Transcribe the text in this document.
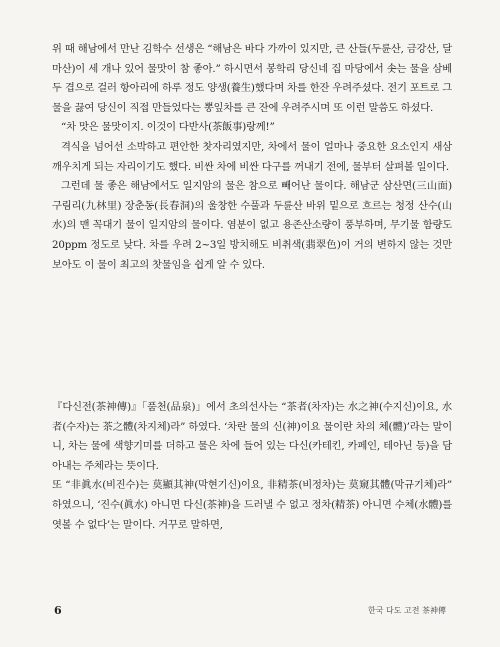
위 때 해남에서 만난 김학수 선생은 “해남은 바다 가까이 있지만, 큰 산들(두륜산, 금강산, 달마산)이 세 개나 있어 물맛이 참 좋아.” 하시면서 봉학리 당신네 집 마당에서 솟는 물을 삼베 두 겹으로 걸러 항아리에 하루 정도 양생(養生)했다며 차를 한잔 우려주셨다. 전기 포트로 그 물을 끓여 당신이 직접 만들었다는 뽕잎차를 큰 잔에 우려주시며 또 이런 말씀도 하셨다.

“차 맛은 물맛이지. 이것이 다반사(茶飯事)랑께!”

격식을 넘어선 소박하고 편안한 찻자리였지만, 차에서 물이 얼마나 중요한 요소인지 새삼 깨우치게 되는 자리이기도 했다. 비싼 차에 비싼 다구를 꺼내기 전에, 물부터 살펴볼 일이다.

그런데 물 좋은 해남에서도 일지암의 물은 참으로 빼어난 물이다. 해남군 삼산면(三山面) 구림리(九林里) 장춘동(長春洞)의 울창한 수풀과 두륜산 바위 밑으로 흐르는 청정 산수(山水)의 맨 꼭대기 물이 일지암의 물이다. 염분이 없고 용존산소량이 풍부하며, 무기물 함량도 20ppm 정도로 낮다. 차를 우려 2~3일 방치해도 비취색(翡翠色)이 거의 변하지 않는 것만 보아도 이 물이 최고의 찻물임을 쉽게 알 수 있다.

『다신전(茶神傳)』「품천(品泉)」에서 초의선사는 “茶者(차자)는 水之神(수지신)이요, 水者(수자)는 茶之體(차지체)라” 하였다. ‘차란 물의 신(神)이요 물이란 차의 체(體)’라는 말이니, 차는 물에 색향기미를 더하고 물은 차에 들어 있는 다신(카테킨, 카페인, 테아닌 등)을 담아내는 주체라는 뜻이다.

또 “非眞水(비진수)는 莫顯其神(막현기신)이요, 非精茶(비정차)는 莫窺其體(막규기체)라” 하였으니, ‘진수(眞水) 아니면 다신(茶神)을 드러낼 수 없고 정차(精茶) 아니면 수체(水體)를 엿볼 수 없다’는 말이다. 거꾸로 말하면,

6	한국 다도 고전 茶神傳
